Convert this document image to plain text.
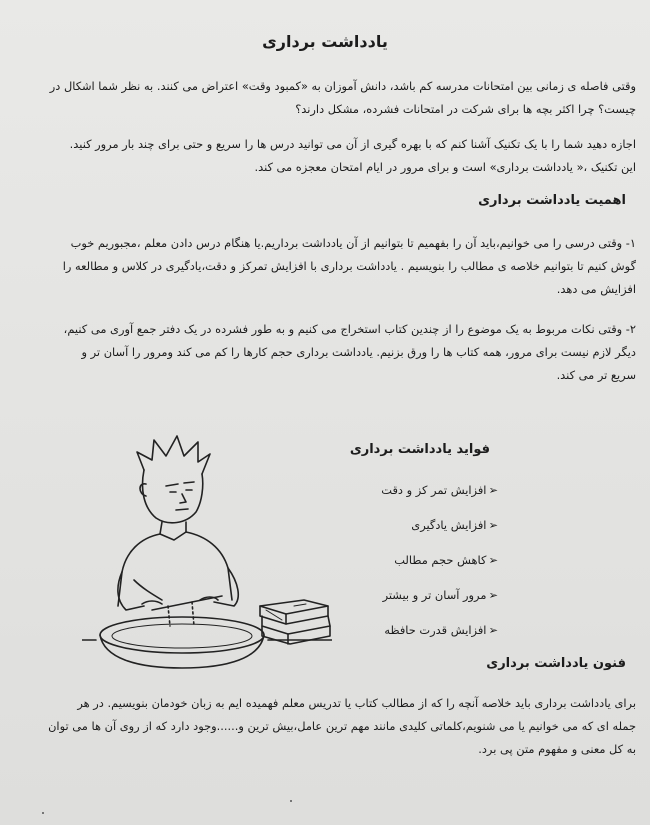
یادداشت برداری
وقتی فاصله ی زمانی بین امتحانات مدرسه کم باشد، دانش آموزان به «کمبود وقت» اعتراض می کنند. به نظر شما اشکال در
چیست؟ چرا اکثر بچه ها برای شرکت در امتحانات فشرده، مشکل دارند؟
اجازه دهید شما را با یک تکنیک آشنا کنم که با بهره گیری از آن می توانید درس ها را سریع و حتی برای چند بار مرور کنید.
این تکنیک ،« یادداشت برداری» است و برای مرور در ایام امتحان معجزه می کند.
اهمیت یادداشت برداری
۱- وقتی درسی را می خوانیم،باید آن را بفهمیم تا بتوانیم از آن یادداشت برداریم.یا هنگام درس دادن معلم ،مجبوریم خوب
گوش کنیم تا بتوانیم خلاصه ی مطالب را بنویسیم . یادداشت برداری با افزایش تمرکز و دقت،یادگیری در کلاس و مطالعه را
افزایش می دهد.
۲- وقتی نکات مربوط به یک موضوع را از چندین کتاب استخراج می کنیم و به طور فشرده در یک دفتر جمع آوری می کنیم،
دیگر لازم نیست برای مرور، همه کتاب ها را ورق بزنیم. یادداشت برداری حجم کارها را کم می کند ومرور را آسان تر و
سریع تر می کند.
فواید یادداشت برداری
➢افزایش تمر کز و دقت
➢افزایش یادگیری
➢کاهش حجم مطالب
➢مرور آسان تر و بیشتر
➢افزایش قدرت حافظه
فنون یادداشت برداری
برای یادداشت برداری باید خلاصه آنچه را که از مطالب کتاب یا تدریس معلم فهمیده ایم به زبان خودمان بنویسیم. در هر
جمله ای که می خوانیم یا می شنویم،کلماتی کلیدی مانند مهم ترین عامل،بیش ترین و......وجود دارد که از روی آن ها می توان
به کل معنی و مفهوم متن پی برد.
